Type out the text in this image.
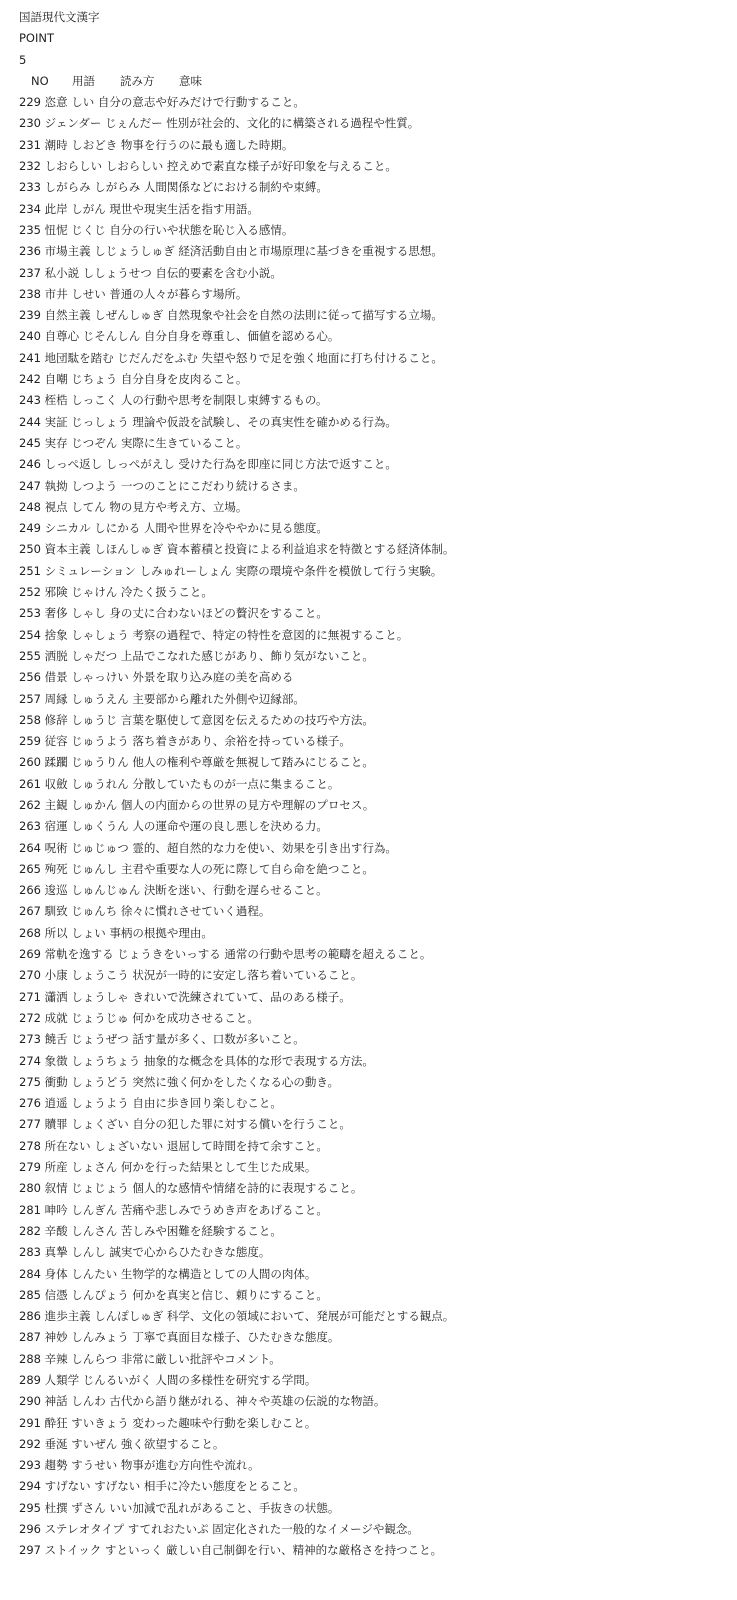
国語現代文漢字
POINT
5
NO 用語 読み方 意味
229 恣意 しい 自分の意志や好みだけで行動すること。
230 ジェンダー じぇんだー 性別が社会的、文化的に構築される過程や性質。
231 潮時 しおどき 物事を行うのに最も適した時期。
232 しおらしい しおらしい 控えめで素直な様子が好印象を与えること。
233 しがらみ しがらみ 人間関係などにおける制約や束縛。
234 此岸 しがん 現世や現実生活を指す用語。
235 忸怩 じくじ 自分の行いや状態を恥じ入る感情。
236 市場主義 しじょうしゅぎ 経済活動自由と市場原理に基づきを重視する思想。
237 私小説 ししょうせつ 自伝的要素を含む小説。
238 市井 しせい 普通の人々が暮らす場所。
239 自然主義 しぜんしゅぎ 自然現象や社会を自然の法則に従って描写する立場。
240 自尊心 じそんしん 自分自身を尊重し、価値を認める心。
241 地団駄を踏む じだんだをふむ 失望や怒りで足を強く地面に打ち付けること。
242 自嘲 じちょう 自分自身を皮肉ること。
243 桎梏 しっこく 人の行動や思考を制限し束縛するもの。
244 実証 じっしょう 理論や仮設を試験し、その真実性を確かめる行為。
245 実存 じつぞん 実際に生きていること。
246 しっぺ返し しっぺがえし 受けた行為を即座に同じ方法で返すこと。
247 執拗 しつよう 一つのことにこだわり続けるさま。
248 視点 してん 物の見方や考え方、立場。
249 シニカル しにかる 人間や世界を冷ややかに見る態度。
250 資本主義 しほんしゅぎ 資本蓄積と投資による利益追求を特徴とする経済体制。
251 シミュレーション しみゅれーしょん 実際の環境や条件を模倣して行う実験。
252 邪険 じゃけん 冷たく扱うこと。
253 奢侈 しゃし 身の丈に合わないほどの贅沢をすること。
254 捨象 しゃしょう 考察の過程で、特定の特性を意図的に無視すること。
255 洒脱 しゃだつ 上品でこなれた感じがあり、飾り気がないこと。
256 借景 しゃっけい 外景を取り込み庭の美を高める
257 周縁 しゅうえん 主要部から離れた外側や辺縁部。
258 修辞 しゅうじ 言葉を駆使して意図を伝えるための技巧や方法。
259 従容 じゅうよう 落ち着きがあり、余裕を持っている様子。
260 蹂躙 じゅうりん 他人の権利や尊厳を無視して踏みにじること。
261 収斂 しゅうれん 分散していたものが一点に集まること。
262 主観 しゅかん 個人の内面からの世界の見方や理解のプロセス。
263 宿運 しゅくうん 人の運命や運の良し悪しを決める力。
264 呪術 じゅじゅつ 霊的、超自然的な力を使い、効果を引き出す行為。
265 殉死 じゅんし 主君や重要な人の死に際して自ら命を絶つこと。
266 逡巡 しゅんじゅん 決断を迷い、行動を遅らせること。
267 馴致 じゅんち 徐々に慣れさせていく過程。
268 所以 しょい 事柄の根拠や理由。
269 常軌を逸する じょうきをいっする 通常の行動や思考の範疇を超えること。
270 小康 しょうこう 状況が一時的に安定し落ち着いていること。
271 瀟洒 しょうしゃ きれいで洗練されていて、品のある様子。
272 成就 じょうじゅ 何かを成功させること。
273 饒舌 じょうぜつ 話す量が多く、口数が多いこと。
274 象徴 しょうちょう 抽象的な概念を具体的な形で表現する方法。
275 衝動 しょうどう 突然に強く何かをしたくなる心の動き。
276 逍遥 しょうよう 自由に歩き回り楽しむこと。
277 贖罪 しょくざい 自分の犯した罪に対する償いを行うこと。
278 所在ない しょざいない 退屈して時間を持て余すこと。
279 所産 しょさん 何かを行った結果として生じた成果。
280 叙情 じょじょう 個人的な感情や情緒を詩的に表現すること。
281 呻吟 しんぎん 苦痛や悲しみでうめき声をあげること。
282 辛酸 しんさん 苦しみや困難を経験すること。
283 真摯 しんし 誠実で心からひたむきな態度。
284 身体 しんたい 生物学的な構造としての人間の肉体。
285 信憑 しんぴょう 何かを真実と信じ、頼りにすること。
286 進歩主義 しんぽしゅぎ 科学、文化の領域において、発展が可能だとする観点。
287 神妙 しんみょう 丁寧で真面目な様子、ひたむきな態度。
288 辛辣 しんらつ 非常に厳しい批評やコメント。
289 人類学 じんるいがく 人間の多様性を研究する学問。
290 神話 しんわ 古代から語り継がれる、神々や英雄の伝説的な物語。
291 酔狂 すいきょう 変わった趣味や行動を楽しむこと。
292 垂涎 すいぜん 強く欲望すること。
293 趨勢 すうせい 物事が進む方向性や流れ。
294 すげない すげない 相手に冷たい態度をとること。
295 杜撰 ずさん いい加減で乱れがあること、手抜きの状態。
296 ステレオタイプ すてれおたいぷ 固定化された一般的なイメージや観念。
297 ストイック すといっく 厳しい自己制御を行い、精神的な厳格さを持つこと。
